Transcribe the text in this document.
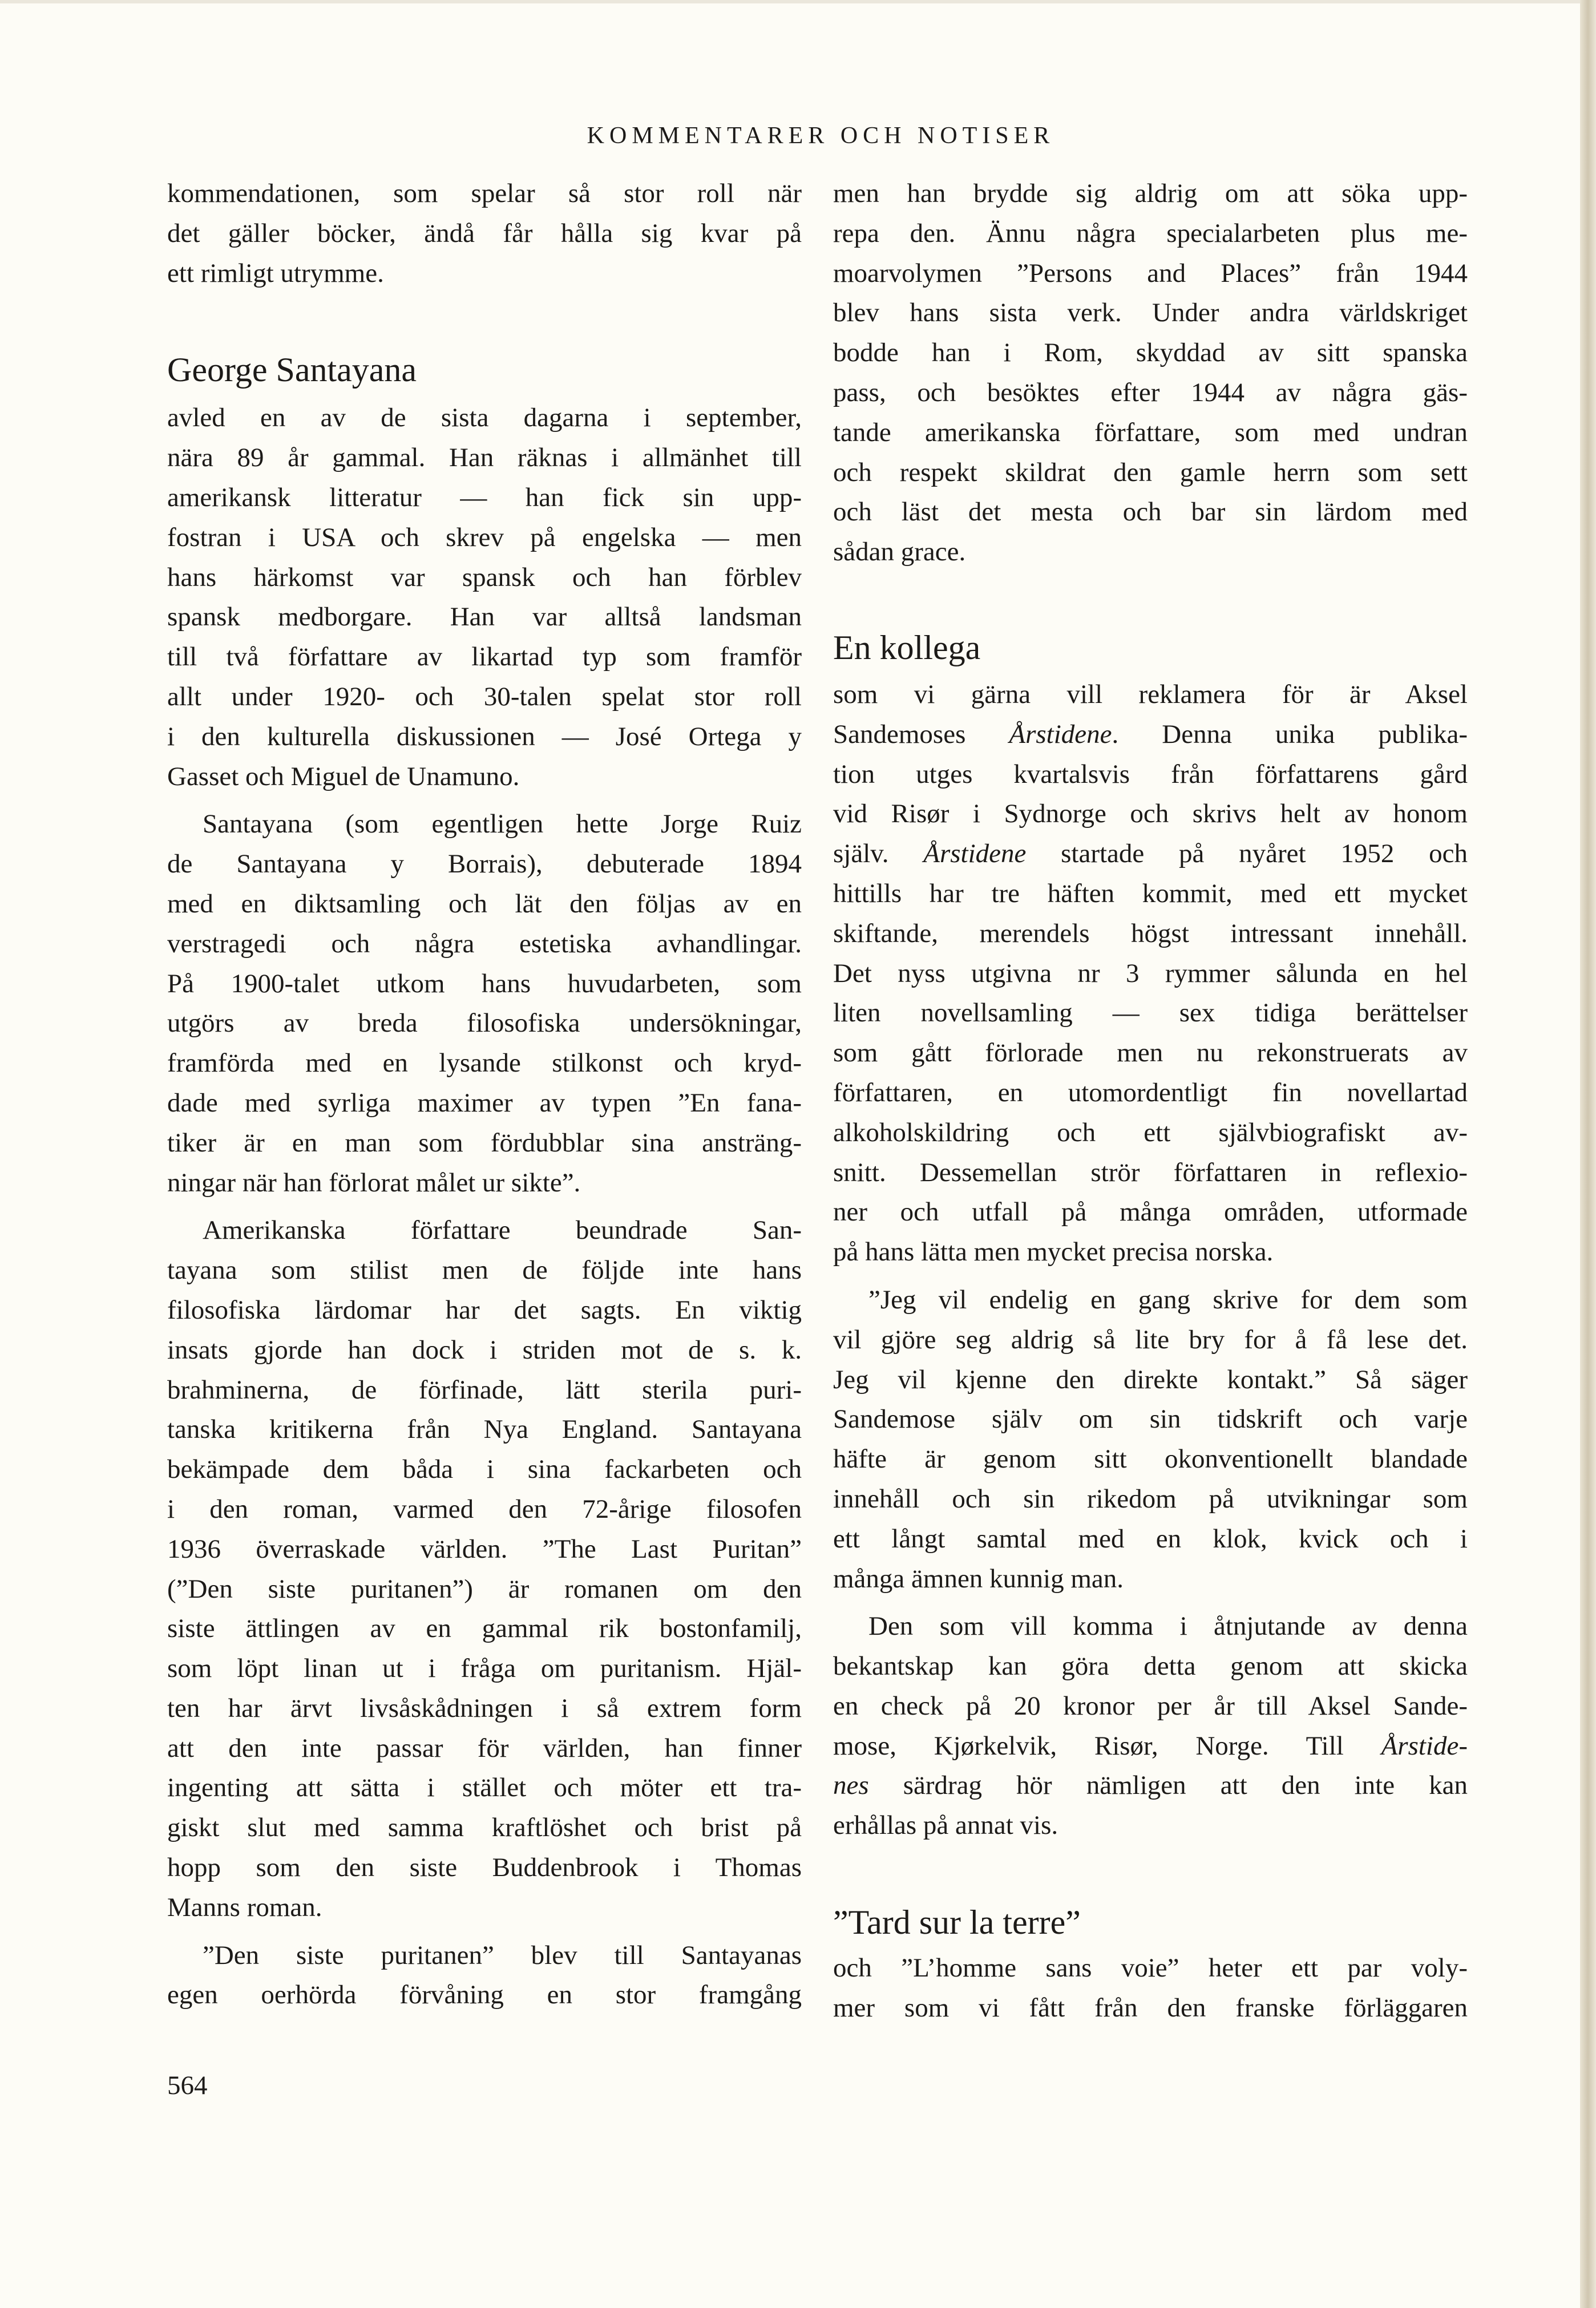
KOMMENTARER OCH NOTISER
kommendationen, som spelar så stor roll när
det gäller böcker, ändå får hålla sig kvar på
ett rimligt utrymme.
George Santayana
avled en av de sista dagarna i september,
nära 89 år gammal. Han räknas i allmänhet till
amerikansk litteratur — han fick sin upp-
fostran i USA och skrev på engelska — men
hans härkomst var spansk och han förblev
spansk medborgare. Han var alltså landsman
till två författare av likartad typ som framför
allt under 1920- och 30-talen spelat stor roll
i den kulturella diskussionen — José Ortega y
Gasset och Miguel de Unamuno.
Santayana (som egentligen hette Jorge Ruiz
de Santayana y Borrais), debuterade 1894
med en diktsamling och lät den följas av en
verstragedi och några estetiska avhandlingar.
På 1900-talet utkom hans huvudarbeten, som
utgörs av breda filosofiska undersökningar,
framförda med en lysande stilkonst och kryd-
dade med syrliga maximer av typen ”En fana-
tiker är en man som fördubblar sina ansträng-
ningar när han förlorat målet ur sikte”.
Amerikanska författare beundrade San-
tayana som stilist men de följde inte hans
filosofiska lärdomar har det sagts. En viktig
insats gjorde han dock i striden mot de s. k.
brahminerna, de förfinade, lätt sterila puri-
tanska kritikerna från Nya England. Santayana
bekämpade dem båda i sina fackarbeten och
i den roman, varmed den 72-årige filosofen
1936 överraskade världen. ”The Last Puritan”
(”Den siste puritanen”) är romanen om den
siste ättlingen av en gammal rik bostonfamilj,
som löpt linan ut i fråga om puritanism. Hjäl-
ten har ärvt livsåskådningen i så extrem form
att den inte passar för världen, han finner
ingenting att sätta i stället och möter ett tra-
giskt slut med samma kraftlöshet och brist på
hopp som den siste Buddenbrook i Thomas
Manns roman.
”Den siste puritanen” blev till Santayanas
egen oerhörda förvåning en stor framgång
men han brydde sig aldrig om att söka upp-
repa den. Ännu några specialarbeten plus me-
moarvolymen ”Persons and Places” från 1944
blev hans sista verk. Under andra världskriget
bodde han i Rom, skyddad av sitt spanska
pass, och besöktes efter 1944 av några gäs-
tande amerikanska författare, som med undran
och respekt skildrat den gamle herrn som sett
och läst det mesta och bar sin lärdom med
sådan grace.
En kollega
som vi gärna vill reklamera för är Aksel
Sandemoses Årstidene. Denna unika publika-
tion utges kvartalsvis från författarens gård
vid Risør i Sydnorge och skrivs helt av honom
själv. Årstidene startade på nyåret 1952 och
hittills har tre häften kommit, med ett mycket
skiftande, merendels högst intressant innehåll.
Det nyss utgivna nr 3 rymmer sålunda en hel
liten novellsamling — sex tidiga berättelser
som gått förlorade men nu rekonstruerats av
författaren, en utomordentligt fin novellartad
alkoholskildring och ett självbiografiskt av-
snitt. Dessemellan strör författaren in reflexio-
ner och utfall på många områden, utformade
på hans lätta men mycket precisa norska.
”Jeg vil endelig en gang skrive for dem som
vil gjöre seg aldrig så lite bry for å få lese det.
Jeg vil kjenne den direkte kontakt.” Så säger
Sandemose själv om sin tidskrift och varje
häfte är genom sitt okonventionellt blandade
innehåll och sin rikedom på utvikningar som
ett långt samtal med en klok, kvick och i
många ämnen kunnig man.
Den som vill komma i åtnjutande av denna
bekantskap kan göra detta genom att skicka
en check på 20 kronor per år till Aksel Sande-
mose, Kjørkelvik, Risør, Norge. Till Årstide-
nes särdrag hör nämligen att den inte kan
erhållas på annat vis.
”Tard sur la terre”
och ”L’homme sans voie” heter ett par voly-
mer som vi fått från den franske förläggaren
564
